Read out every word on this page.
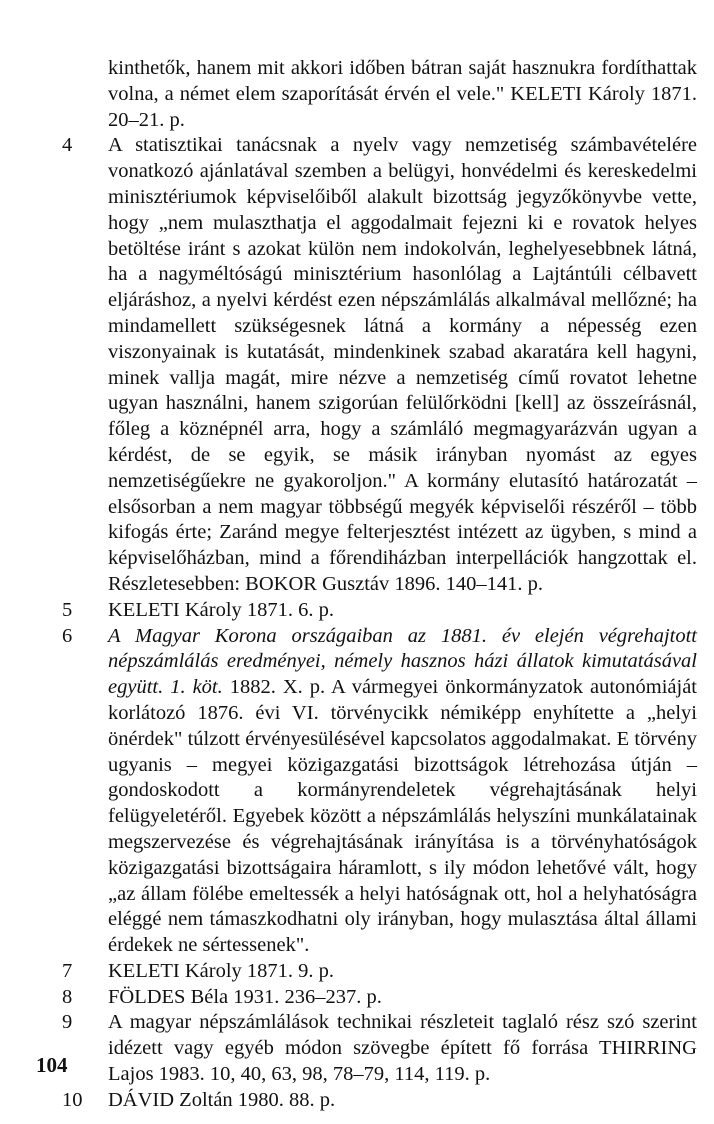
kinthetők, hanem mit akkori időben bátran saját hasznukra fordíthattak volna, a német elem szaporítását érvén el vele." KELETI Károly 1871. 20–21. p.
4	A statisztikai tanácsnak a nyelv vagy nemzetiség számbavételére vonatkozó ajánlatával szemben a belügyi, honvédelmi és kereskedelmi minisztériumok képviselőiből alakult bizottság jegyzőkönyvbe vette, hogy „nem mulaszthatja el aggodalmait fejezni ki e rovatok helyes betöltése iránt s azokat külön nem indokolván, leghelyesebbnek látná, ha a nagyméltóságú minisztérium hasonlólag a Lajtántúli célbavett eljáráshoz, a nyelvi kérdést ezen népszámlálás alkalmával mellőzné; ha mindamellett szükségesnek látná a kormány a népesség ezen viszonyainak is kutatását, mindenkinek szabad akaratára kell hagyni, minek vallja magát, mire nézve a nemzetiség című rovatot lehetne ugyan használni, hanem szigorúan felülőrködni [kell] az összeírásnál, főleg a köznépnél arra, hogy a számláló megmagyarázván ugyan a kérdést, de se egyik, se másik irányban nyomást az egyes nemzetiségűekre ne gyakoroljon." A kormány elutasító határozatát – elsősorban a nem magyar többségű megyék képviselői részéről – több kifogás érte; Zaránd megye felterjesztést intézett az ügyben, s mind a képviselőházban, mind a főrendiházban interpellációk hangzottak el. Részletesebben: BOKOR Gusztáv 1896. 140–141. p.
5	KELETI Károly 1871. 6. p.
6	A Magyar Korona országaiban az 1881. év elején végrehajtott népszámlálás eredményei, némely hasznos házi állatok kimutatásával együtt. 1. köt. 1882. X. p. A vármegyei önkormányzatok autonómiáját korlátozó 1876. évi VI. törvénycikk némiképp enyhítette a „helyi önérdek" túlzott érvényesülésével kapcsolatos aggodalmakat. E törvény ugyanis – megyei közigazgatási bizottságok létrehozása útján – gondoskodott a kormányrendeletek végrehajtásának helyi felügyeletéről. Egyebek között a népszámlálás helyszíni munkálatainak megszervezése és végrehajtásának irányítása is a törvényhatóságok közigazgatási bizottságaira háramlott, s ily módon lehetővé vált, hogy „az állam fölébe emeltessék a helyi hatóságnak ott, hol a helyhatóságra eléggé nem támaszkodhatni oly irányban, hogy mulasztása által állami érdekek ne sértessenek".
7	KELETI Károly 1871. 9. p.
8	FÖLDES Béla 1931. 236–237. p.
9	A magyar népszámlálások technikai részleteit taglaló rész szó szerint idézett vagy egyéb módon szövegbe épített fő forrása THIRRING Lajos 1983. 10, 40, 63, 98, 78–79, 114, 119. p.
10	DÁVID Zoltán 1980. 88. p.
104
